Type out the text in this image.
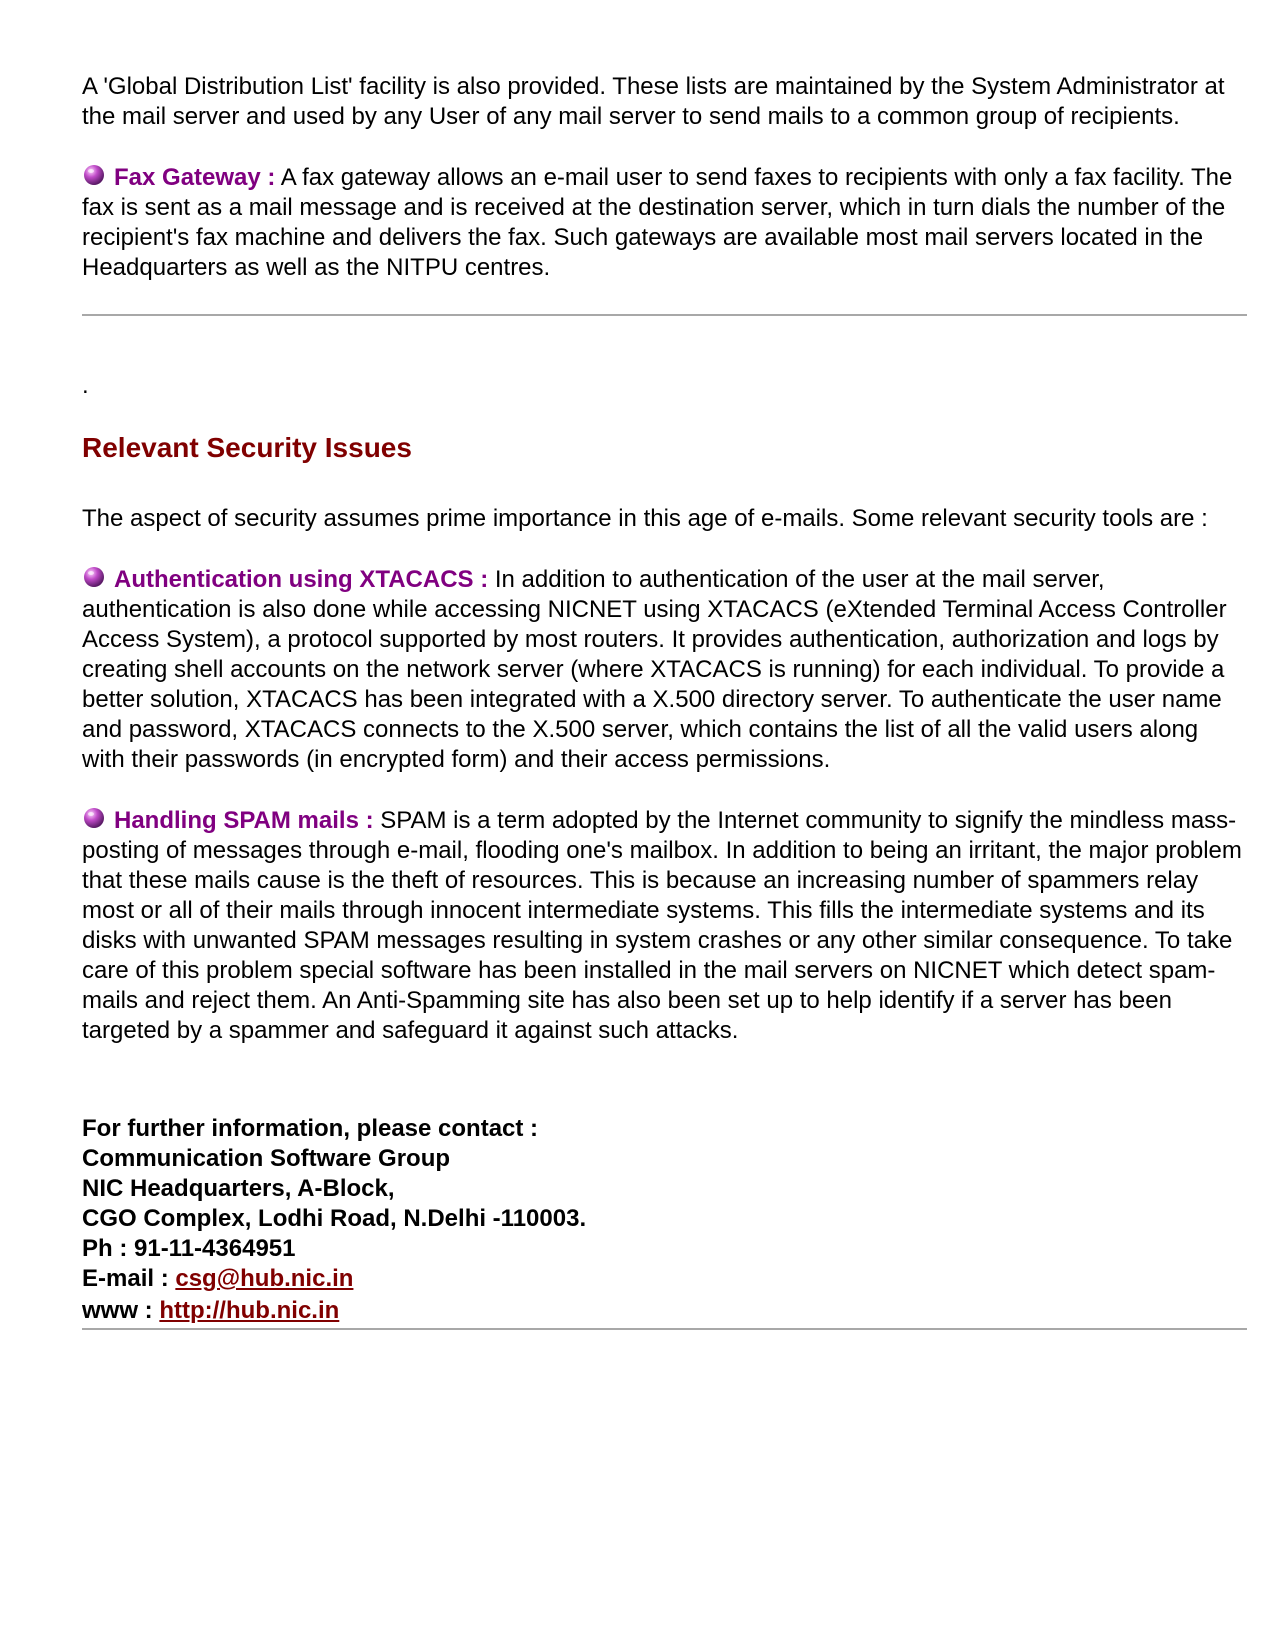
A 'Global Distribution List' facility is also provided. These lists are maintained by the System Administrator at the mail server and used by any User of any mail server to send mails to a common group of recipients.

Fax Gateway : A fax gateway allows an e-mail user to send faxes to recipients with only a fax facility. The fax is sent as a mail message and is received at the destination server, which in turn dials the number of the recipient's fax machine and delivers the fax. Such gateways are available most mail servers located in the Headquarters as well as the NITPU centres.

.

Relevant Security Issues

The aspect of security assumes prime importance in this age of e-mails. Some relevant security tools are :

Authentication using XTACACS : In addition to authentication of the user at the mail server, authentication is also done while accessing NICNET using XTACACS (eXtended Terminal Access Controller Access System), a protocol supported by most routers. It provides authentication, authorization and logs by creating shell accounts on the network server (where XTACACS is running) for each individual. To provide a better solution, XTACACS has been integrated with a X.500 directory server. To authenticate the user name and password, XTACACS connects to the X.500 server, which contains the list of all the valid users along with their passwords (in encrypted form) and their access permissions.

Handling SPAM mails : SPAM is a term adopted by the Internet community to signify the mindless mass-posting of messages through e-mail, flooding one's mailbox. In addition to being an irritant, the major problem that these mails cause is the theft of resources. This is because an increasing number of spammers relay most or all of their mails through innocent intermediate systems. This fills the intermediate systems and its disks with unwanted SPAM messages resulting in system crashes or any other similar consequence. To take care of this problem special software has been installed in the mail servers on NICNET which detect spam-mails and reject them. An Anti-Spamming site has also been set up to help identify if a server has been targeted by a spammer and safeguard it against such attacks.

For further information, please contact :
Communication Software Group
NIC Headquarters, A-Block,
CGO Complex, Lodhi Road, N.Delhi -110003.
Ph : 91-11-4364951
E-mail : csg@hub.nic.in
www : http://hub.nic.in
